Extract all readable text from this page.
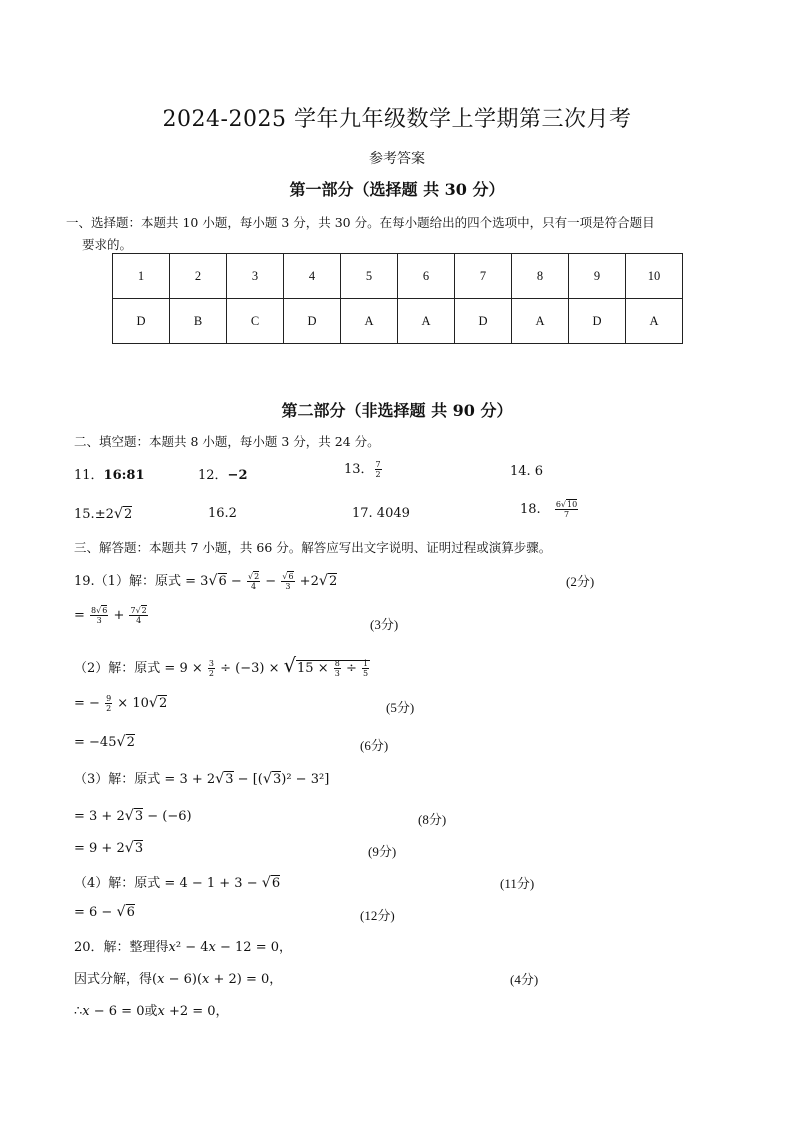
2024-2025 学年九年级数学上学期第三次月考
参考答案
第一部分（选择题 共 30 分）
一、选择题：本题共 10 小题，每小题 3 分，共 30 分。在每小题给出的四个选项中，只有一项是符合题目
要求的。
1	2	3	4	5	6	7	8	9	10
D	B	C	D	A	A	D	A	D	A
第二部分（非选择题 共 90 分）
二、填空题：本题共 8 小题，每小题 3 分，共 24 分。
11．16:81	12．−2	13． $\frac{7}{2}$	14. 6
15.±2√2	16.2	17. 4049	18. $\frac{6√10}{7}$
三、解答题：本题共 7 小题，共 66 分。解答应写出文字说明、证明过程或演算步骤。
19.（1）解：原式 = $3√6 - \frac{√2}{4} - \frac{√6}{3} +2√2$	(2分)
= $\frac{8√6}{3} + \frac{7√2}{4}$	(3分)
（2）解：原式 = $9 \times \frac{3}{2} \div (-3) \times √15 \times \frac{8}{3} \div \frac{1}{5}$
= − $\frac{9}{2} \times 10√2$	(5分)
= −45√2	(6分)
（3）解：原式 = 3 + 2√3 − [(√3)² − 3²]
= 3 + 2√3 − (−6)	(8分)
= 9 + 2√3	(9分)
（4）解：原式 = 4 − 1 + 3 − √6	(11分)
= 6 − √6	(12分)
20．解：整理得x² − 4x − 12 = 0，
因式分解，得(x − 6)(x + 2) = 0，	(4分)
∴x − 6 = 0或x +2 = 0，
